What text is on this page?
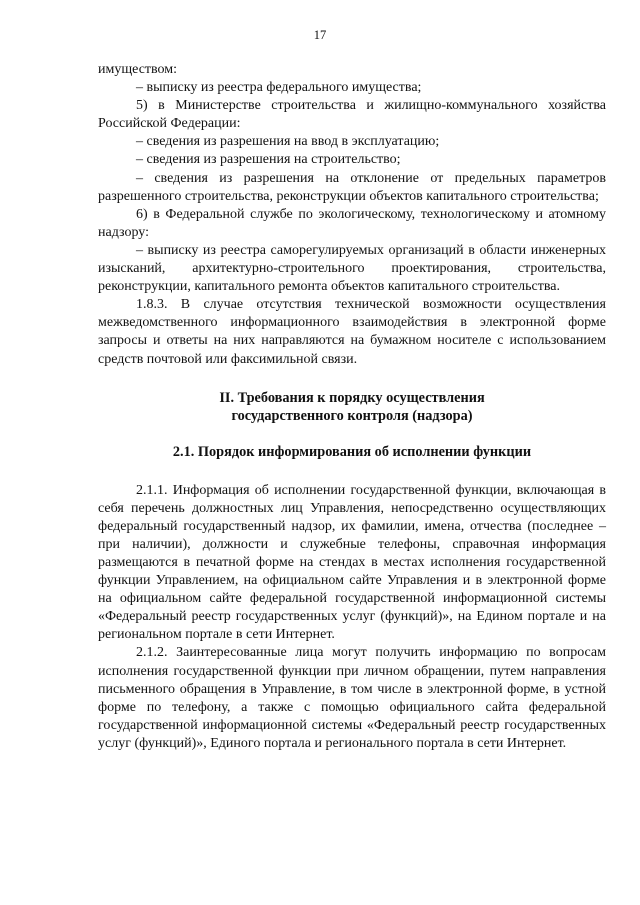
17

имуществом:

– выписку из реестра федерального имущества;

5) в Министерстве строительства и жилищно-коммунального хозяйства Российской Федерации:

– сведения из разрешения на ввод в эксплуатацию;

– сведения из разрешения на строительство;

– сведения из разрешения на отклонение от предельных параметров разрешенного строительства, реконструкции объектов капитального строительства;

6) в Федеральной службе по экологическому, технологическому и атомному надзору:

– выписку из реестра саморегулируемых организаций в области инженерных изысканий, архитектурно-строительного проектирования, строительства, реконструкции, капитального ремонта объектов капитального строительства.

1.8.3. В случае отсутствия технической возможности осуществления межведомственного информационного взаимодействия в электронной форме запросы и ответы на них направляются на бумажном носителе с использованием средств почтовой или факсимильной связи.

II. Требования к порядку осуществления

государственного контроля (надзора)

2.1. Порядок информирования об исполнении функции

2.1.1. Информация об исполнении государственной функции, включающая в себя перечень должностных лиц Управления, непосредственно осуществляющих федеральный государственный надзор, их фамилии, имена, отчества (последнее – при наличии), должности и служебные телефоны, справочная информация размещаются в печатной форме на стендах в местах исполнения государственной функции Управлением, на официальном сайте Управления и в электронной форме на официальном сайте федеральной государственной информационной системы «Федеральный реестр государственных услуг (функций)», на Едином портале и на региональном портале в сети Интернет.

2.1.2. Заинтересованные лица могут получить информацию по вопросам исполнения государственной функции при личном обращении, путем направления письменного обращения в Управление, в том числе в электронной форме, в устной форме по телефону, а также с помощью официального сайта федеральной государственной информационной системы «Федеральный реестр государственных услуг (функций)», Единого портала и регионального портала в сети Интернет.
